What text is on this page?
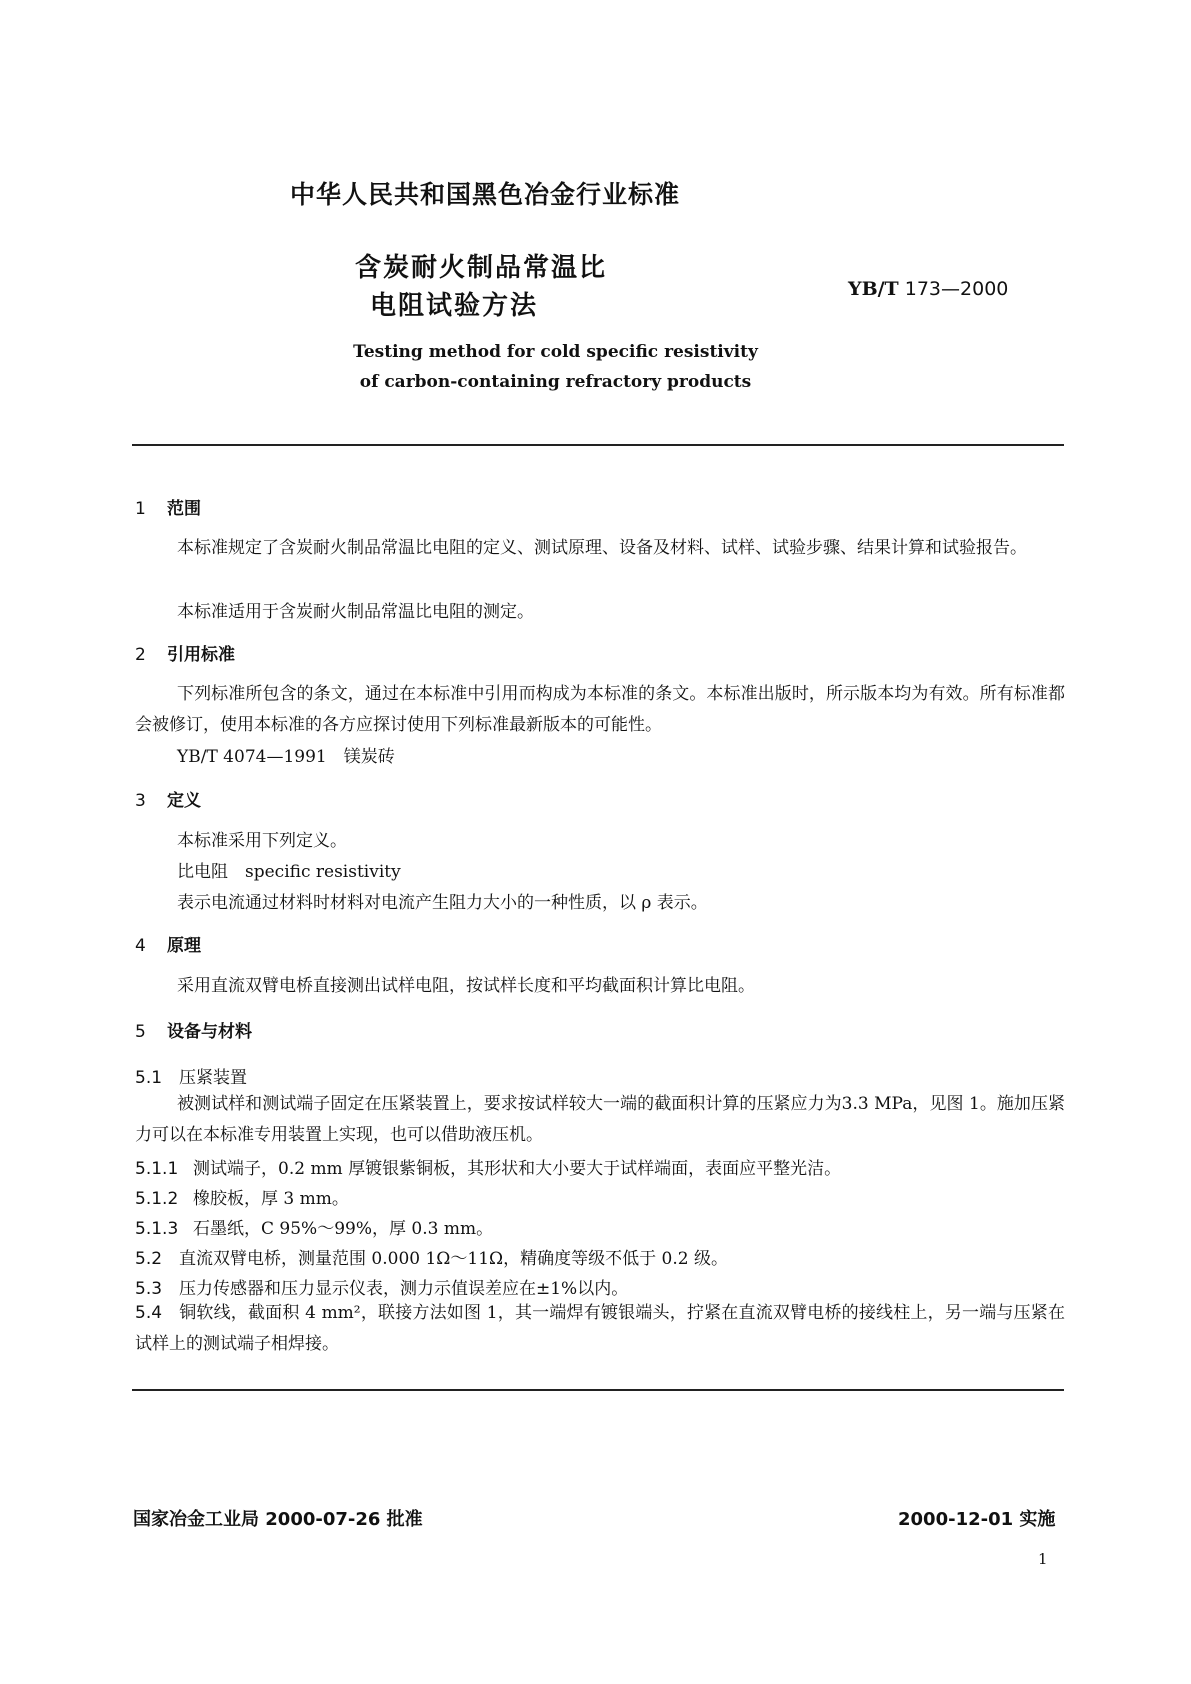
中华人民共和国黑色冶金行业标准
含炭耐火制品常温比
电阻试验方法
YB/T 173—2000
Testing method for cold specific resistivity
of carbon-containing refractory products
1 范围
本标准规定了含炭耐火制品常温比电阻的定义、测试原理、设备及材料、试样、试验步骤、结果计算和试验报告。
本标准适用于含炭耐火制品常温比电阻的测定。
2 引用标准
下列标准所包含的条文，通过在本标准中引用而构成为本标准的条文。本标准出版时，所示版本均为有效。所有标准都会被修订，使用本标准的各方应探讨使用下列标准最新版本的可能性。
YB/T 4074—1991　镁炭砖
3 定义
本标准采用下列定义。
比电阻　specific resistivity
表示电流通过材料时材料对电流产生阻力大小的一种性质，以 ρ 表示。
4 原理
采用直流双臂电桥直接测出试样电阻，按试样长度和平均截面积计算比电阻。
5 设备与材料
5.1 压紧装置
被测试样和测试端子固定在压紧装置上，要求按试样较大一端的截面积计算的压紧应力为3.3 MPa，见图 1。施加压紧力可以在本标准专用装置上实现，也可以借助液压机。
5.1.1 测试端子，0.2 mm 厚镀银紫铜板，其形状和大小要大于试样端面，表面应平整光洁。
5.1.2 橡胶板，厚 3 mm。
5.1.3 石墨纸，C 95%～99%，厚 0.3 mm。
5.2 直流双臂电桥，测量范围 0.000 1Ω～11Ω，精确度等级不低于 0.2 级。
5.3 压力传感器和压力显示仪表，测力示值误差应在±1%以内。
5.4 铜软线，截面积 4 mm²，联接方法如图 1，其一端焊有镀银端头，拧紧在直流双臂电桥的接线柱上，另一端与压紧在试样上的测试端子相焊接。
国家冶金工业局 2000-07-26 批准	2000-12-01 实施
1
